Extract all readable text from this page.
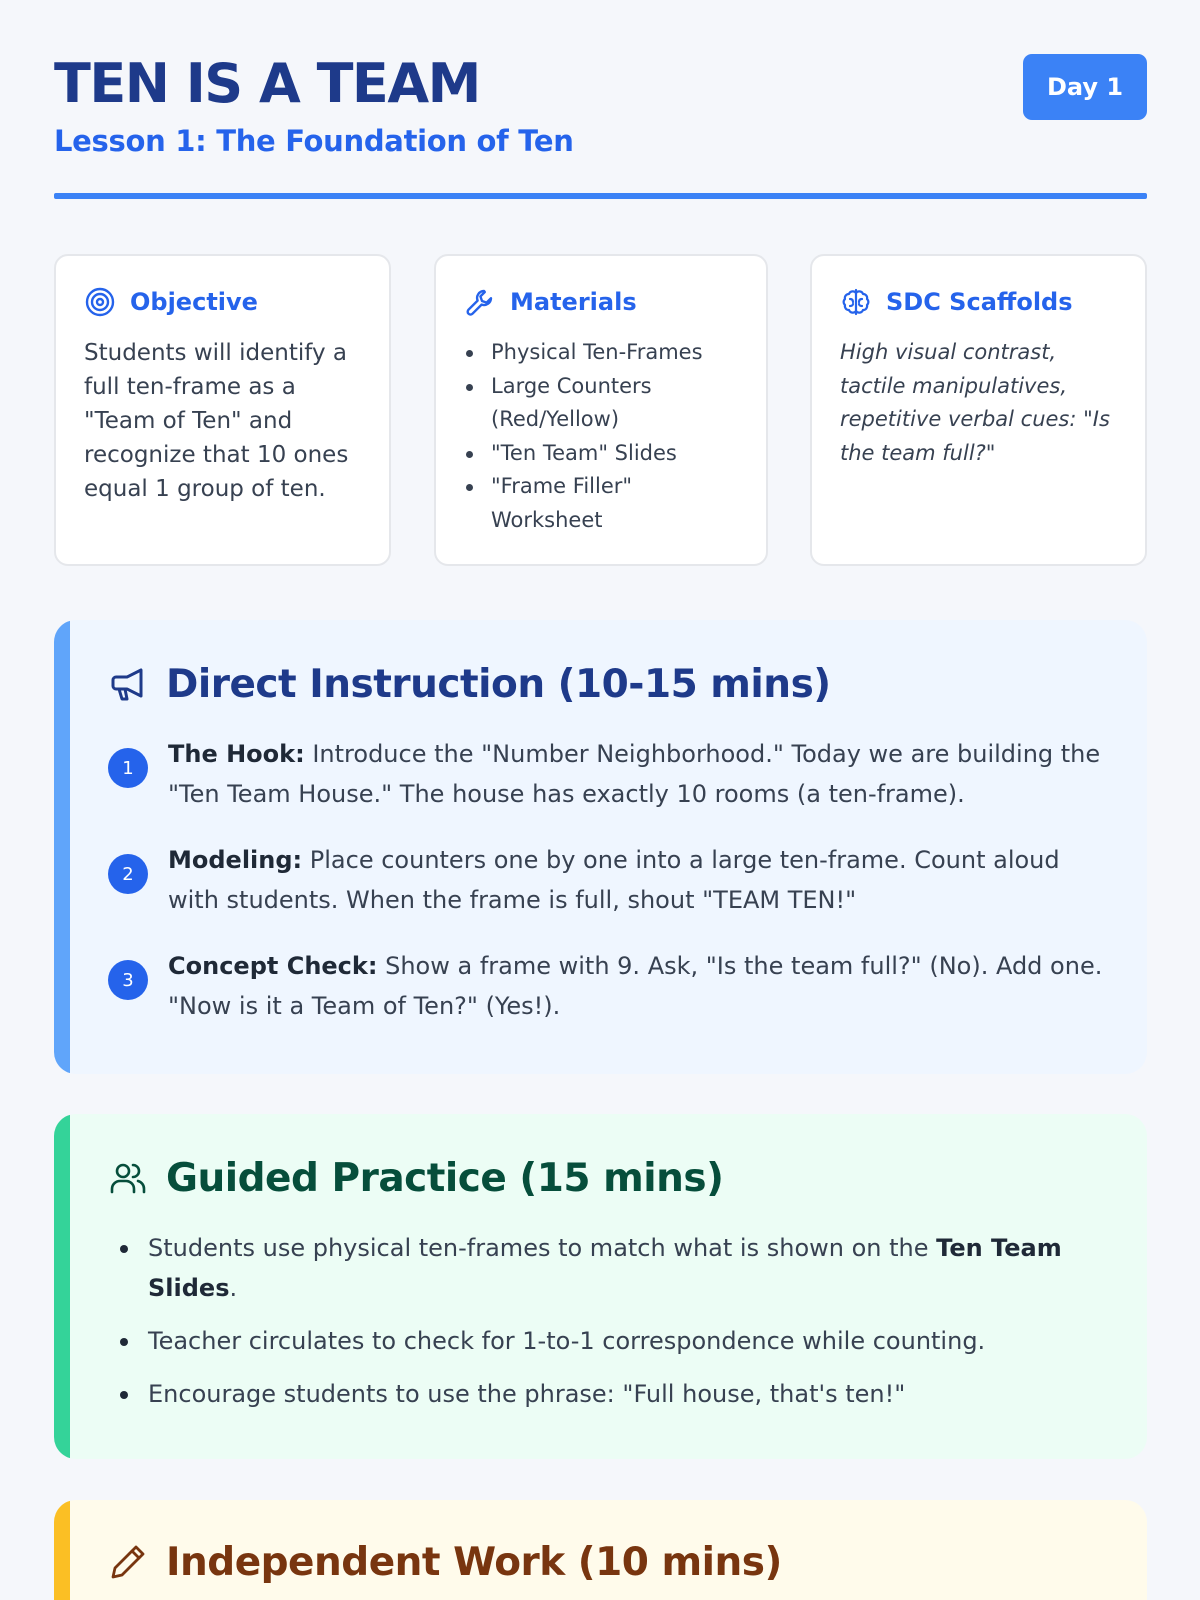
TEN IS A TEAM
Lesson 1: The Foundation of Ten
Day 1
Objective

Students will identify a full ten-frame as a "Team of Ten" and recognize that 10 ones equal 1 group of ten.

Materials
Physical Ten-Frames
Large Counters (Red/Yellow)
"Ten Team" Slides
"Frame Filler" Worksheet
SDC Scaffolds

High visual contrast, tactile manipulatives, repetitive verbal cues: "Is the team full?"

Direct Instruction (10-15 mins)
1	The Hook: Introduce the "Number Neighborhood." Today we are building the "Ten Team House." The house has exactly 10 rooms (a ten-frame).

2	Modeling: Place counters one by one into a large ten-frame. Count aloud with students. When the frame is full, shout "TEAM TEN!"

3	Concept Check: Show a frame with 9. Ask, "Is the team full?" (No). Add one. "Now is it a Team of Ten?" (Yes!).

Guided Practice (15 mins)
Students use physical ten-frames to match what is shown on the Ten Team Slides.
Teacher circulates to check for 1-to-1 correspondence while counting.
Encourage students to use the phrase: "Full house, that's ten!"
Independent Work (10 mins)
